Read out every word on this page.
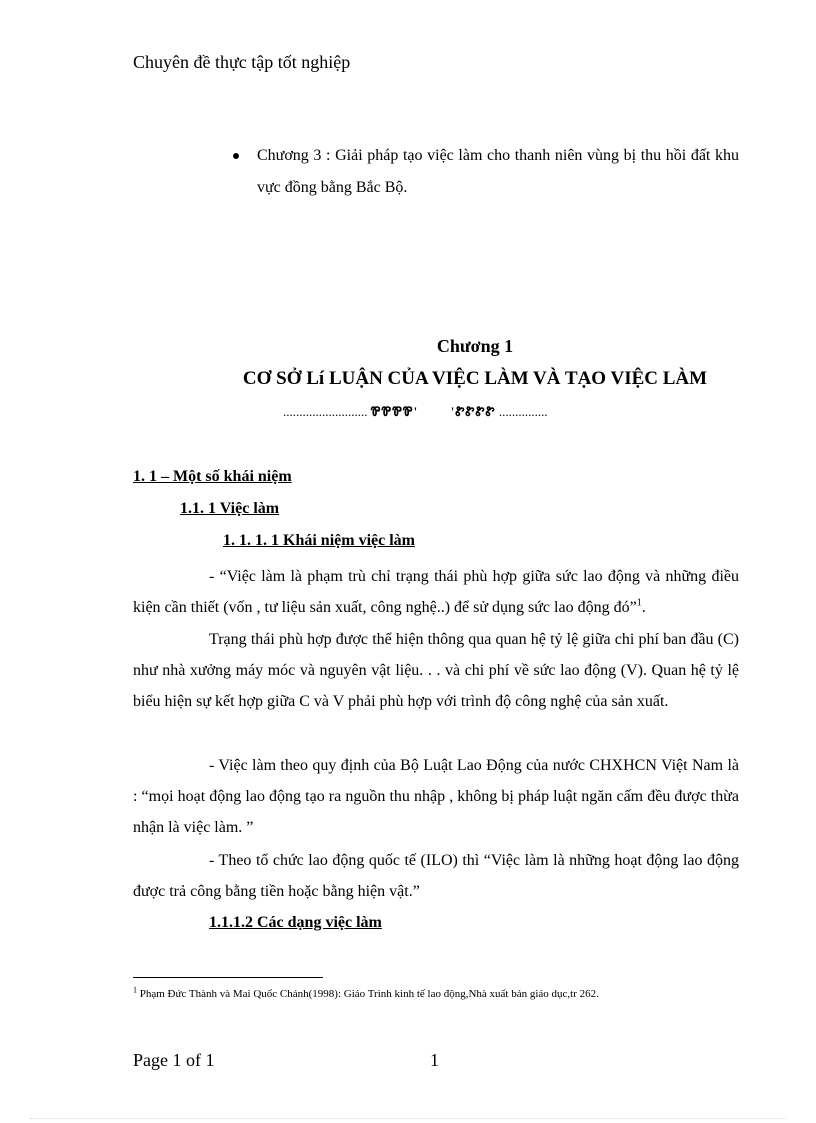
Chuyên đề thực tập tốt nghiệp
Chương 3 : Giải pháp tạo việc làm cho thanh niên vùng bị thu hồi đất khu vực đồng bằng Bắc Bộ.
Chương 1
CƠ SỞ Lí LUẬN CỦA VIỆC LÀM VÀ TẠO VIỆC LÀM
.......................... ᏈᏈᏈᏈ'	'ᏑᏑᏑᏑ ...............
1. 1 – Một số khái niệm
1.1. 1 Việc làm
1. 1. 1. 1 Khái niệm việc làm
- “Việc làm là phạm trù chỉ trạng thái phù hợp giữa sức lao động và những điều kiện cần thiết (vốn , tư liệu sản xuất, công nghệ..) để sử dụng sức lao động đó”$^1$.
Trạng thái phù hợp được thể hiện thông qua quan hệ tỷ lệ giữa chi phí ban đầu (C) như nhà xưởng máy móc và nguyên vật liệu. . . và chi phí về sức lao động (V). Quan hệ tỷ lệ biểu hiện sự kết hợp giữa C và V phải phù hợp với trình độ công nghệ của sản xuất.
- Việc làm theo quy định của Bộ Luật Lao Động của nước CHXHCN Việt Nam là : “mọi hoạt động lao động tạo ra nguồn thu nhập , không bị pháp luật ngăn cấm đều được thừa nhận là việc làm. ”
- Theo tổ chức lao động quốc tế (ILO) thì “Việc làm là những hoạt động lao động được trả công bằng tiền hoặc bằng hiện vật.”
1.1.1.2 Các dạng việc làm
$^1$ Phạm Đức Thành và Mai Quốc Chánh(1998): Giáo Trình kinh tế lao động,Nhà xuất bản giáo dục,tr 262.
Page 1 of 1	1
